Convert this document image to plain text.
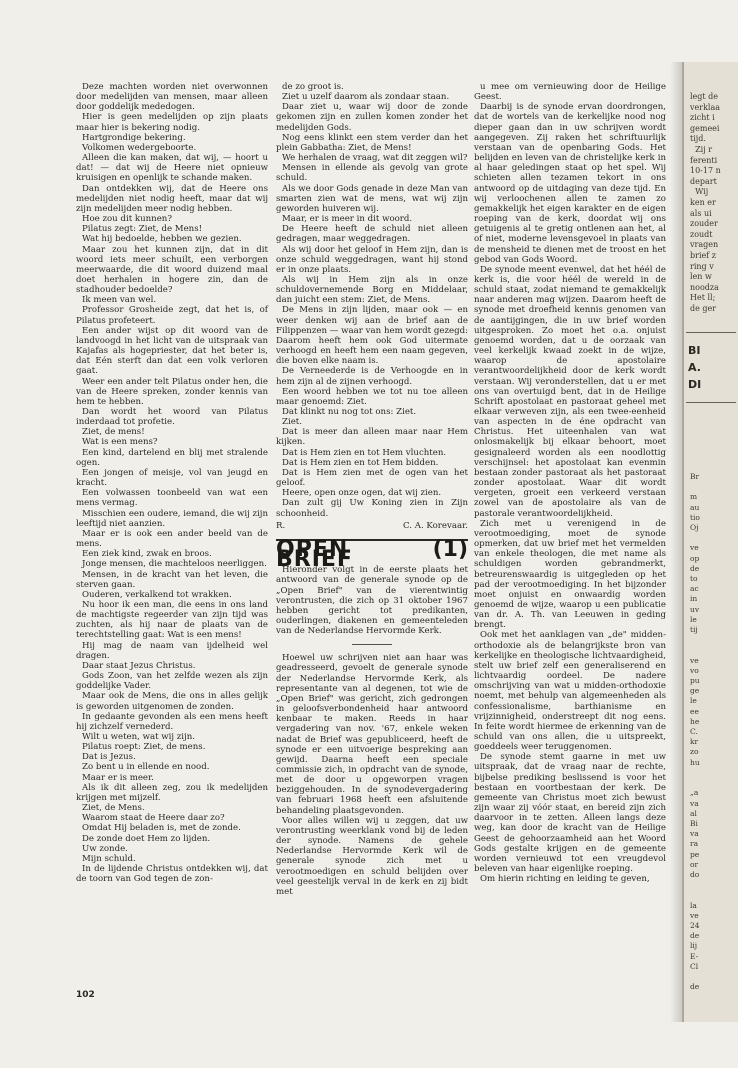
legt de
verklaa
zicht i
gemeei
tijd.
Zij r
ferenti
10-17 n
depart
Wij
ken er
als ui
zouder
zoudt
vragen
brief z
ring v
len w
noodza
Het ll;
de ger
BI
A.
DI
Br

m
au
tio
Oj

ve
op
de
to
ac
in
uv
le
tij

ve
vo
pu
ge
le
ee
he
C.
kr
zo
hu

„a
va
al
Bi
va
ra
pe
or
do

la
ve
24
de
lij
E-
Cl

de

Deze machten worden niet overwonnen door medelijden van mensen, maar alleen door goddelijk mededogen.

Hier is geen medelijden op zijn plaats maar hier is bekering nodig.

Hartgrondige bekering.

Volkomen wedergeboorte.

Alleen die kan maken, dat wij, — hoort u dat! — dat wij de Heere niet opnieuw kruisigen en openlijk te schande maken.

Dan ontdekken wij, dat de Heere ons medelijden niet nodig heeft, maar dat wij zijn medelijden meer nodig hebben.

Hoe zou dit kunnen?

Pilatus zegt: Ziet, de Mens!

Wat hij bedoelde, hebben we gezien.

Maar zou het kunnen zijn, dat in dit woord iets meer schuilt, een verborgen meerwaarde, die dit woord duizend maal doet herhalen in hogere zin, dan de stadhouder bedoelde?

Ik meen van wel.

Professor Grosheide zegt, dat het is, of Pilatus profeteert.

Een ander wijst op dit woord van de landvoogd in het licht van de uitspraak van Kajafas als hogepriester, dat het beter is, dat Eén sterft dan dat een volk verloren gaat.

Weer een ander telt Pilatus onder hen, die van de Heere spreken, zonder kennis van hem te hebben.

Dan wordt het woord van Pilatus inderdaad tot profetie.

Ziet, de mens!

Wat is een mens?

Een kind, dartelend en blij met stralende ogen.

Een jongen of meisje, vol van jeugd en kracht.

Een volwassen toonbeeld van wat een mens vermag.

Misschien een oudere, iemand, die wij zijn leeftijd niet aanzien.

Maar er is ook een ander beeld van de mens.

Een ziek kind, zwak en broos.

Jonge mensen, die machteloos neerliggen.

Mensen, in de kracht van het leven, die sterven gaan.

Ouderen, verkalkend tot wrakken.

Nu hoor ik een man, die eens in ons land de machtigste regeerder van zijn tijd was zuchten, als hij naar de plaats van de terechtstelling gaat: Wat is een mens!

Hij mag de naam van ijdelheid wel dragen.

Daar staat Jezus Christus.

Gods Zoon, van het zelfde wezen als zijn goddelijke Vader.

Maar ook de Mens, die ons in alles gelijk is geworden uitgenomen de zonden.

In gedaante gevonden als een mens heeft hij zichzelf vernederd.

Wilt u weten, wat wij zijn.

Pilatus roept: Ziet, de mens.

Dat is Jezus.

Zo bent u in ellende en nood.

Maar er is meer.

Als ik dit alleen zeg, zou ik medelijden krijgen met mijzelf.

Ziet, de Mens.

Waarom staat de Heere daar zo?

Omdat Hij beladen is, met de zonde.

De zonde doet Hem zo lijden.

Uw zonde.

Mijn schuld.

In de lijdende Christus ontdekken wij, dat de toorn van God tegen de zon-

de zo groot is.

Ziet u uzelf daarom als zondaar staan.

Daar ziet u, waar wij door de zonde gekomen zijn en zullen komen zonder het medelijden Gods.

Nog eens klinkt een stem verder dan het plein Gabbatha: Ziet, de Mens!

We herhalen de vraag, wat dit zeggen wil?

Mensen in ellende als gevolg van grote schuld.

Als we door Gods genade in deze Man van smarten zien wat de mens, wat wij zijn geworden huiveren wij.

Maar, er is meer in dit woord.

De Heere heeft de schuld niet alleen gedragen, maar weggedragen.

Als wij door het geloof in Hem zijn, dan is onze schuld weggedragen, want hij stond er in onze plaats.

Als wij in Hem zijn als in onze schuldovernemende Borg en Middelaar, dan juicht een stem: Ziet, de Mens.

De Mens in zijn lijden, maar ook — en weer denken wij aan de brief aan de Filippenzen — waar van hem wordt gezegd: Daarom heeft hem ook God uitermate verhoogd en heeft hem een naam gegeven, die boven elke naam is.

De Verneederde is de Verhoogde en in hem zijn al de zijnen verhoogd.

Een woord hebben we tot nu toe alleen maar genoemd: Ziet.

Dat klinkt nu nog tot ons: Ziet.

Ziet.

Dat is meer dan alleen maar naar Hem kijken.

Dat is Hem zien en tot Hem vluchten.

Dat is Hem zien en tot Hem bidden.

Dat is Hem zien met de ogen van het geloof.

Heere, open onze ogen, dat wij zien.

Dan zult gij Uw Koning zien in Zijn schoonheid.

R.	C. A. Korevaar.
OPEN BRIEF	(1)

Hieronder volgt in de eerste plaats het antwoord van de generale synode op de „Open Brief" van de vierentwintig verontrusten, die zich op 31 oktober 1967 hebben gericht tot predikanten, ouderlingen, diakenen en gemeenteleden van de Nederlandse Hervormde Kerk.

Hoewel uw schrijven niet aan haar was geadresseerd, gevoelt de generale synode der Nederlandse Hervormde Kerk, als representante van al degenen, tot wie de „Open Brief" was gericht, zich gedrongen in geloofsverbondenheid haar antwoord kenbaar te maken. Reeds in haar vergadering van nov. '67, enkele weken nadat de Brief was gepubliceerd, heeft de synode er een uitvoerige bespreking aan gewijd. Daarna heeft een speciale commissie zich, in opdracht van de synode, met de door u opgeworpen vragen beziggehouden. In de synodevergadering van februari 1968 heeft een afsluitende behandeling plaatsgevonden.

Voor alles willen wij u zeggen, dat uw verontrusting weerklank vond bij de leden der synode. Namens de gehele Nederlandse Hervormde Kerk wil de generale synode zich met u verootmoedigen en schuld belijden over veel geestelijk verval in de kerk en zij bidt met

u mee om vernieuwing door de Heilige Geest.

Daarbij is de synode ervan doordrongen, dat de wortels van de kerkelijke nood nog dieper gaan dan in uw schrijven wordt aangegeven. Zij raken het schriftuurlijk verstaan van de openbaring Gods. Het belijden en leven van de christelijke kerk in al haar geledingen staat op het spel. Wij schieten allen tezamen tekort in ons antwoord op de uitdaging van deze tijd. En wij verloochenen allen te zamen zo gemakkelijk het eigen karakter en de eigen roeping van de kerk, doordat wij ons getuigenis al te gretig ontlenen aan het, al of niet, moderne levensgevoel in plaats van de mensheid te dienen met de troost en het gebod van Gods Woord.

De synode meent evenwel, dat het héél de kerk is, die voor héél de wereld in de schuld staat, zodat niemand te gemakkelijk naar anderen mag wijzen. Daarom heeft de synode met droefheid kennis genomen van de aantijgingen, die in uw brief worden uitgesproken. Zo moet het o.a. onjuist genoemd worden, dat u de oorzaak van veel kerkelijk kwaad zoekt in de wijze, waarop de apostolaire verantwoordelijkheid door de kerk wordt verstaan. Wij veronderstellen, dat u er met ons van overtuigd bent, dat in de Heilige Schrift apostolaat en pastoraat geheel met elkaar verweven zijn, als een twee-eenheid van aspecten in de éne opdracht van Christus. Het uiteenhalen van wat onlosmakelijk bij elkaar behoort, moet gesignaleerd worden als een noodlottig verschijnsel: het apostolaat kan evenmin bestaan zonder pastoraat als het pastoraat zonder apostolaat. Waar dit wordt vergeten, groeit een verkeerd verstaan zowel van de apostolaire als van de pastorale verantwoordelijkheid.

Zich met u verenigend in de verootmoediging, moet de synode opmerken, dat uw brief met het vermelden van enkele theologen, die met name als schuldigen worden gebrandmerkt, betreurenswaardig is uitgegleden op het pad der verootmoediging. In het bijzonder moet onjuist en onwaardig worden genoemd de wijze, waarop u een publicatie van dr. A. Th. van Leeuwen in geding brengt.

Ook met het aanklagen van „de" midden-orthodoxie als de belangrijkste bron van kerkelijke en theologische lichtvaardigheid, stelt uw brief zelf een generaliserend en lichtvaardig oordeel. De nadere omschrijving van wat u midden-orthodoxie noemt, met behulp van algemeenheden als confessionalisme, barthianisme en vrijzinnigheid, onderstreept dit nog eens. In feite wordt hiermee de erkenning van de schuld van ons allen, die u uitspreekt, goeddeels weer teruggenomen.

De synode stemt gaarne in met uw uitspraak, dat de vraag naar de rechte, bijbelse prediking beslissend is voor het bestaan en voortbestaan der kerk. De gemeente van Christus moet zich bewust zijn waar zij vóór staat, en bereid zijn zich daarvoor in te zetten. Alleen langs deze weg, kan door de kracht van de Heilige Geest de gehoorzaamheid aan het Woord Gods gestalte krijgen en de gemeente worden vernieuwd tot een vreugdevol beleven van haar eigenlijke roeping.

Om hierin richting en leiding te geven,

102
